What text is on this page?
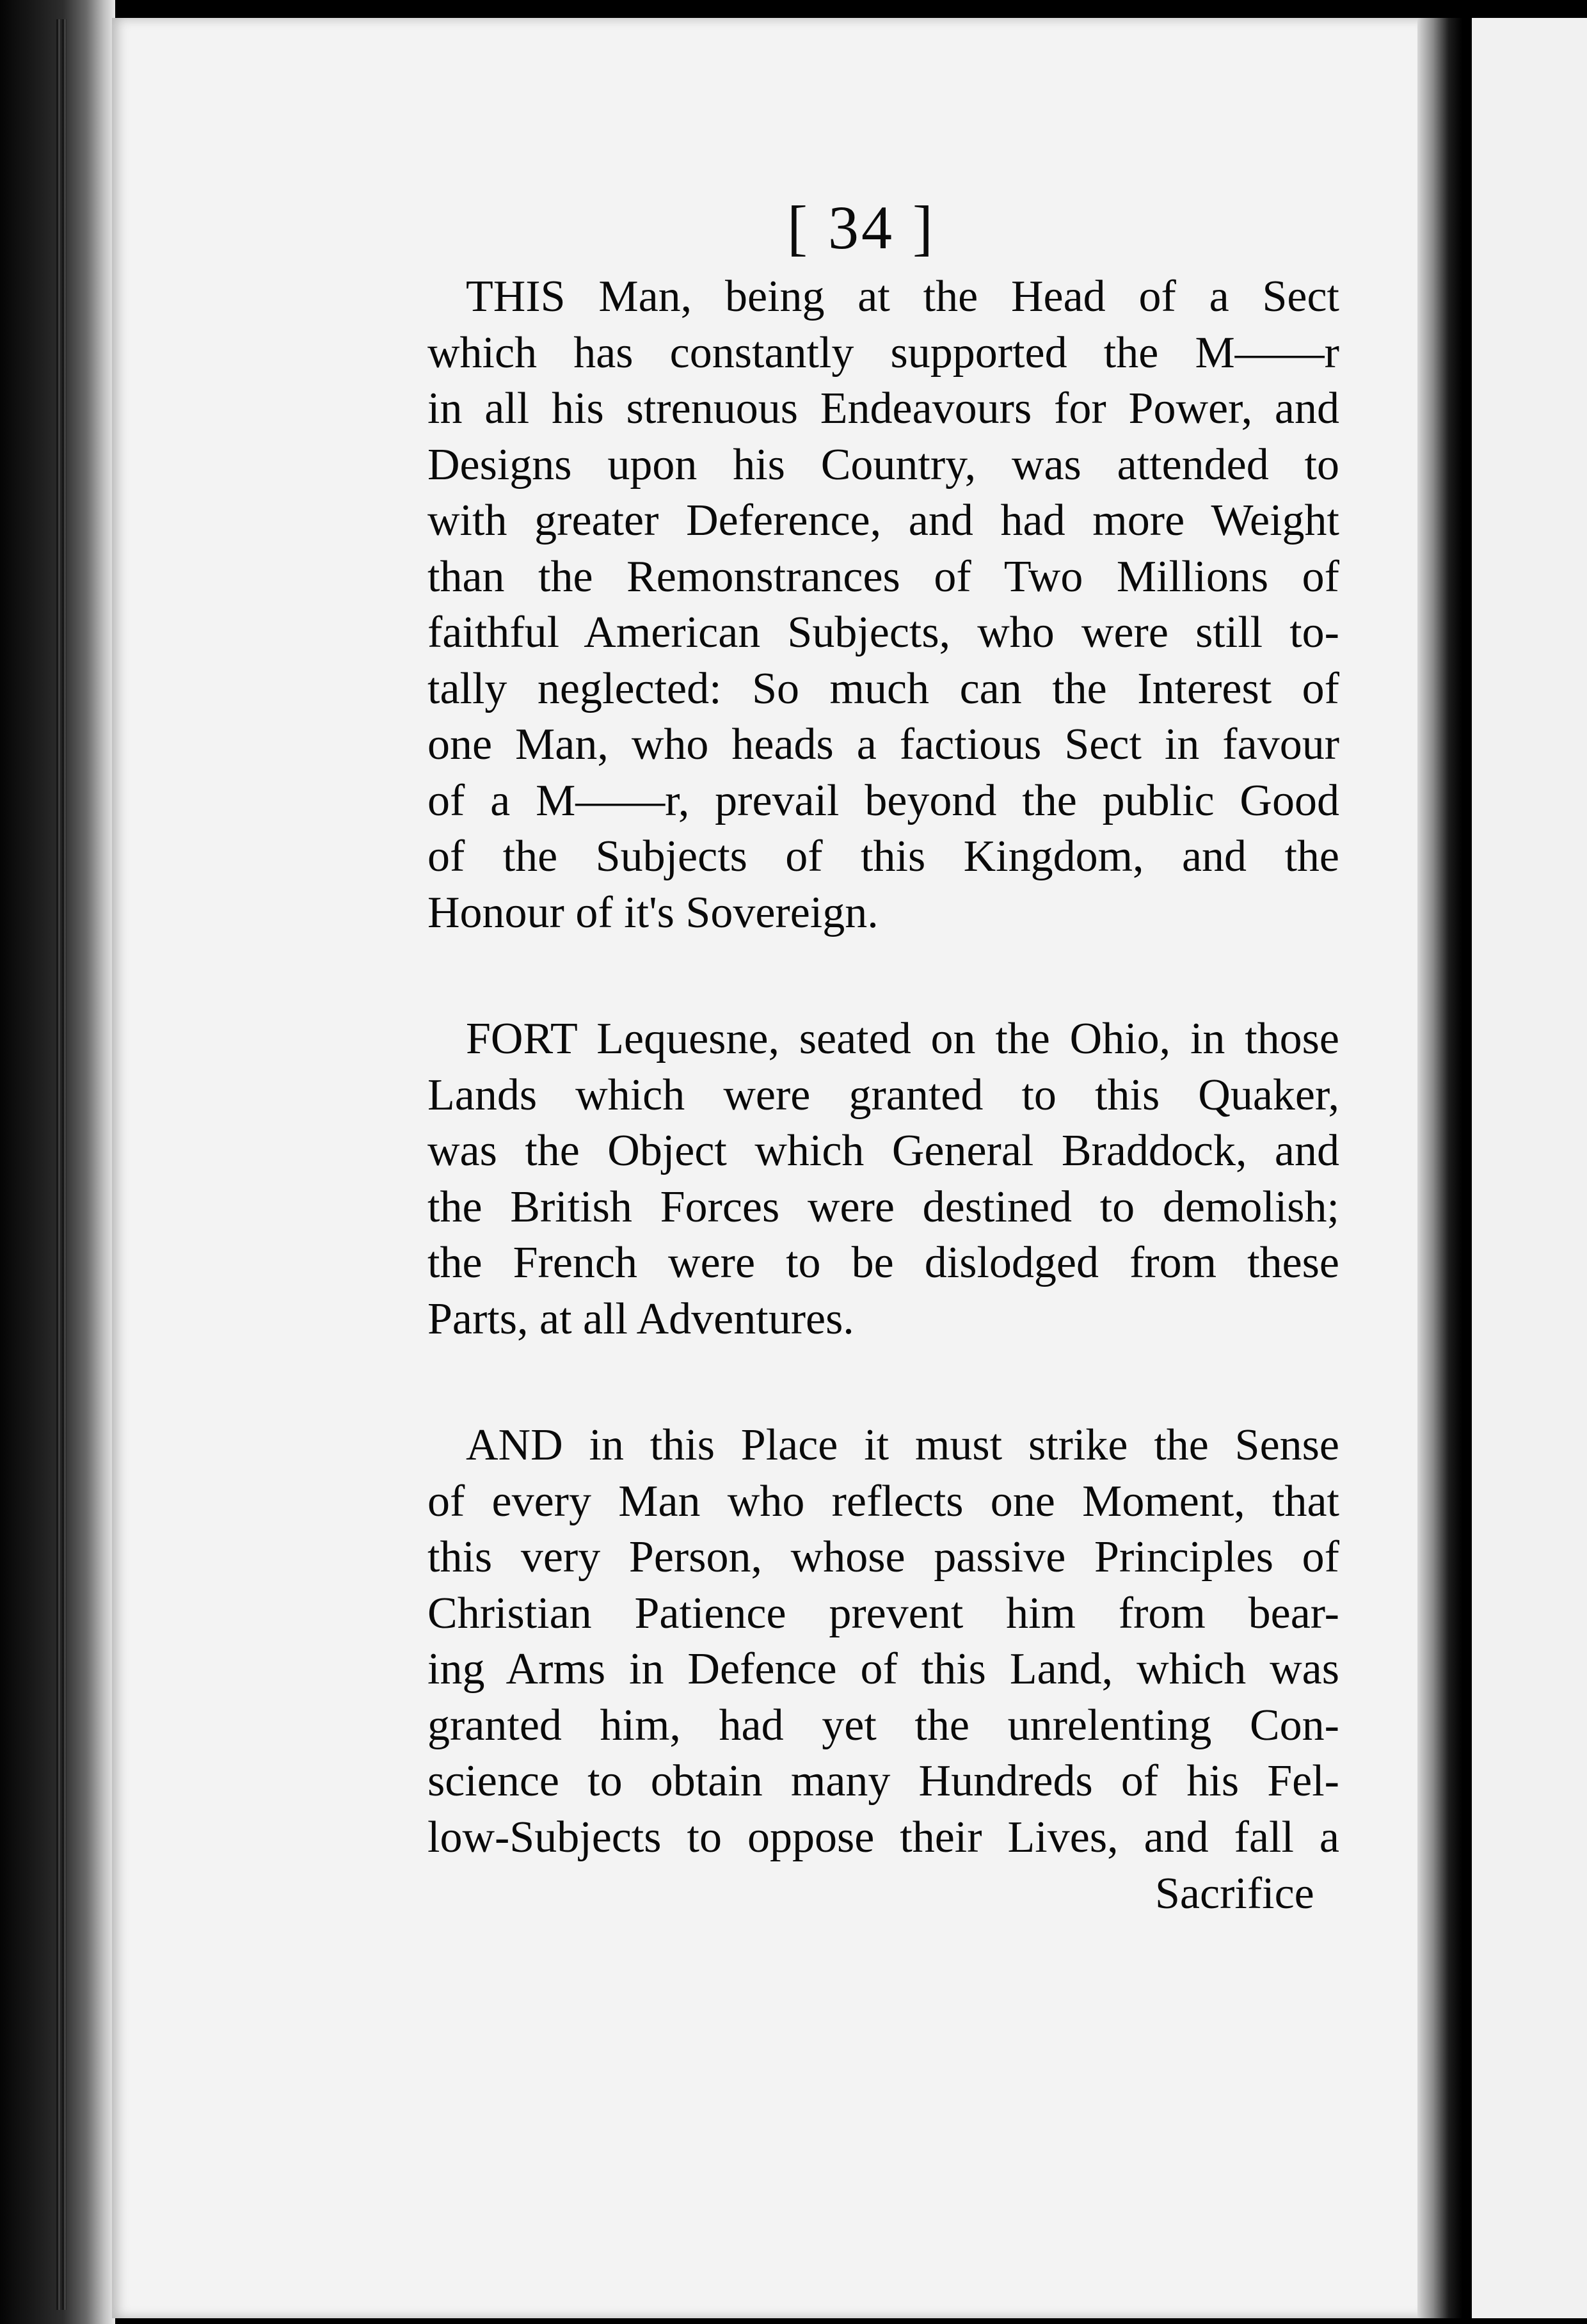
[ 34 ]

THIS Man, being at the Head of a Sect
which has constantly supported the M——r
in all his strenuous Endeavours for Power, and
Designs upon his Country, was attended to
with greater Deference, and had more Weight
than the Remonstrances of Two Millions of
faithful American Subjects, who were still to-
tally neglected: So much can the Interest of
one Man, who heads a factious Sect in favour
of a M——r, prevail beyond the public Good
of the Subjects of this Kingdom, and the
Honour of it's Sovereign.

FORT Lequesne, seated on the Ohio, in those
Lands which were granted to this Quaker,
was the Object which General Braddock, and
the British Forces were destined to demolish;
the French were to be dislodged from these
Parts, at all Adventures.

AND in this Place it must strike the Sense
of every Man who reflects one Moment, that
this very Person, whose passive Principles of
Christian Patience prevent him from bear-
ing Arms in Defence of this Land, which was
granted him, had yet the unrelenting Con-
science to obtain many Hundreds of his Fel-
low-Subjects to oppose their Lives, and fall a

Sacrifice
